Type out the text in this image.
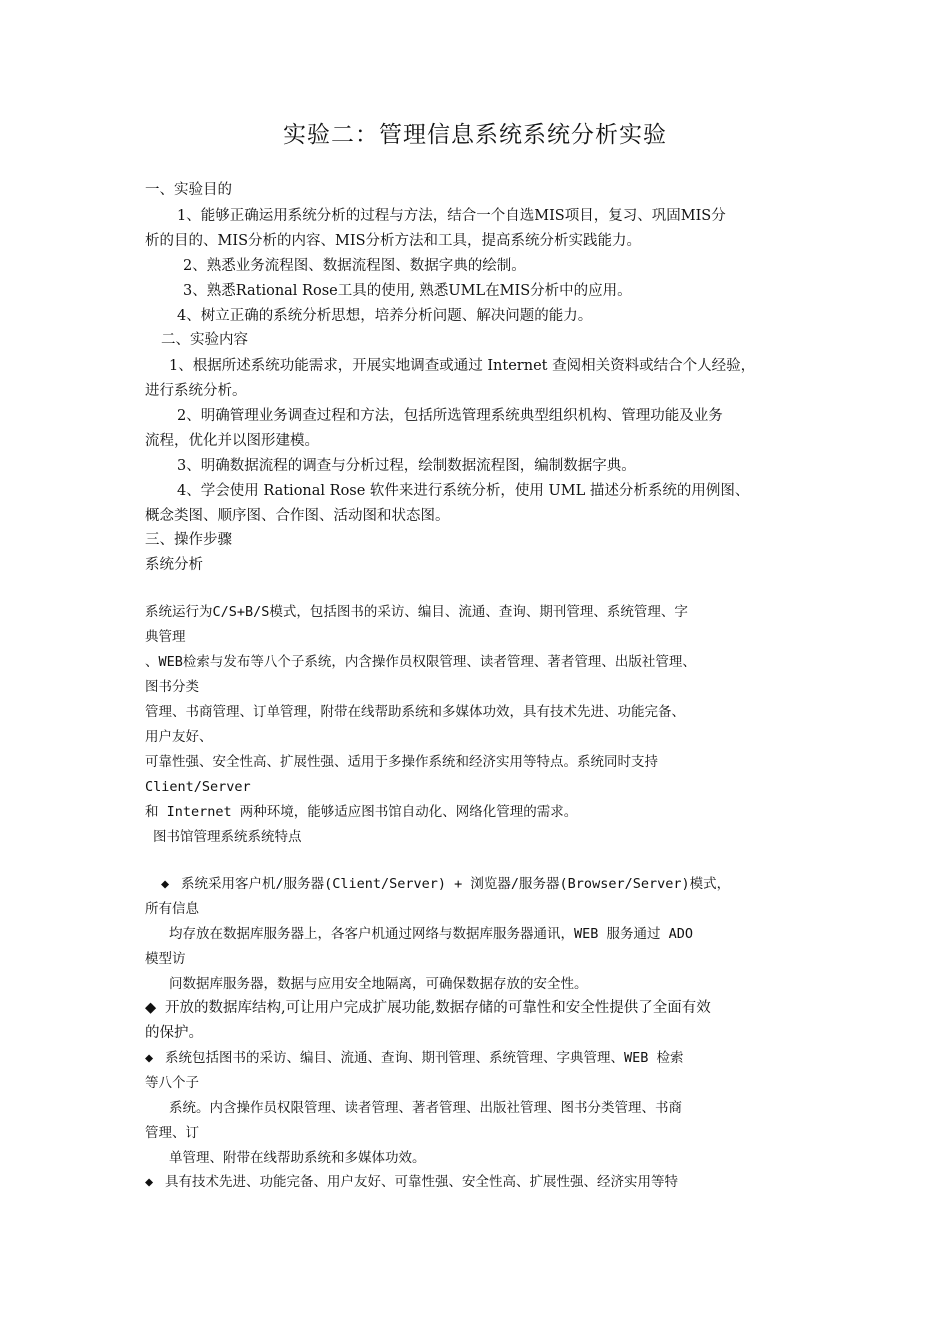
实验二：管理信息系统系统分析实验
一、实验目的
1、能够正确运用系统分析的过程与方法，结合一个自选MIS项目，复习、巩固MIS分
析的目的、MIS分析的内容、MIS分析方法和工具，提高系统分析实践能力。
2、熟悉业务流程图、数据流程图、数据字典的绘制。
3、熟悉Rational Rose工具的使用, 熟悉UML在MIS分析中的应用。
4、树立正确的系统分析思想，培养分析问题、解决问题的能力。
二、实验内容
1、根据所述系统功能需求，开展实地调查或通过 Internet 查阅相关资料或结合个人经验，
进行系统分析。
2、明确管理业务调查过程和方法，包括所选管理系统典型组织机构、管理功能及业务
流程，优化并以图形建模。
3、明确数据流程的调查与分析过程，绘制数据流程图，编制数据字典。
4、学会使用 Rational Rose 软件来进行系统分析，使用 UML 描述分析系统的用例图、
概念类图、顺序图、合作图、活动图和状态图。
三、操作步骤
系统分析
系统运行为C/S+B/S模式，包括图书的采访、编目、流通、查询、期刊管理、系统管理、字
典管理
、WEB检索与发布等八个子系统，内含操作员权限管理、读者管理、著者管理、出版社管理、
图书分类
管理、书商管理、订单管理，附带在线帮助系统和多媒体功效，具有技术先进、功能完备、
用户友好、
可靠性强、安全性高、扩展性强、适用于多操作系统和经济实用等特点。系统同时支持
Client/Server
和 Internet 两种环境，能够适应图书馆自动化、网络化管理的需求。
图书馆管理系统系统特点
◆ 系统采用客户机/服务器(Client/Server) + 浏览器/服务器(Browser/Server)模式，
所有信息
均存放在数据库服务器上，各客户机通过网络与数据库服务器通讯，WEB 服务通过 ADO
模型访
问数据库服务器，数据与应用安全地隔离，可确保数据存放的安全性。
◆ 开放的数据库结构,可让用户完成扩展功能,数据存储的可靠性和安全性提供了全面有效
的保护。
◆ 系统包括图书的采访、编目、流通、查询、期刊管理、系统管理、字典管理、WEB 检索
等八个子
系统。内含操作员权限管理、读者管理、著者管理、出版社管理、图书分类管理、书商
管理、订
单管理、附带在线帮助系统和多媒体功效。
◆ 具有技术先进、功能完备、用户友好、可靠性强、安全性高、扩展性强、经济实用等特
